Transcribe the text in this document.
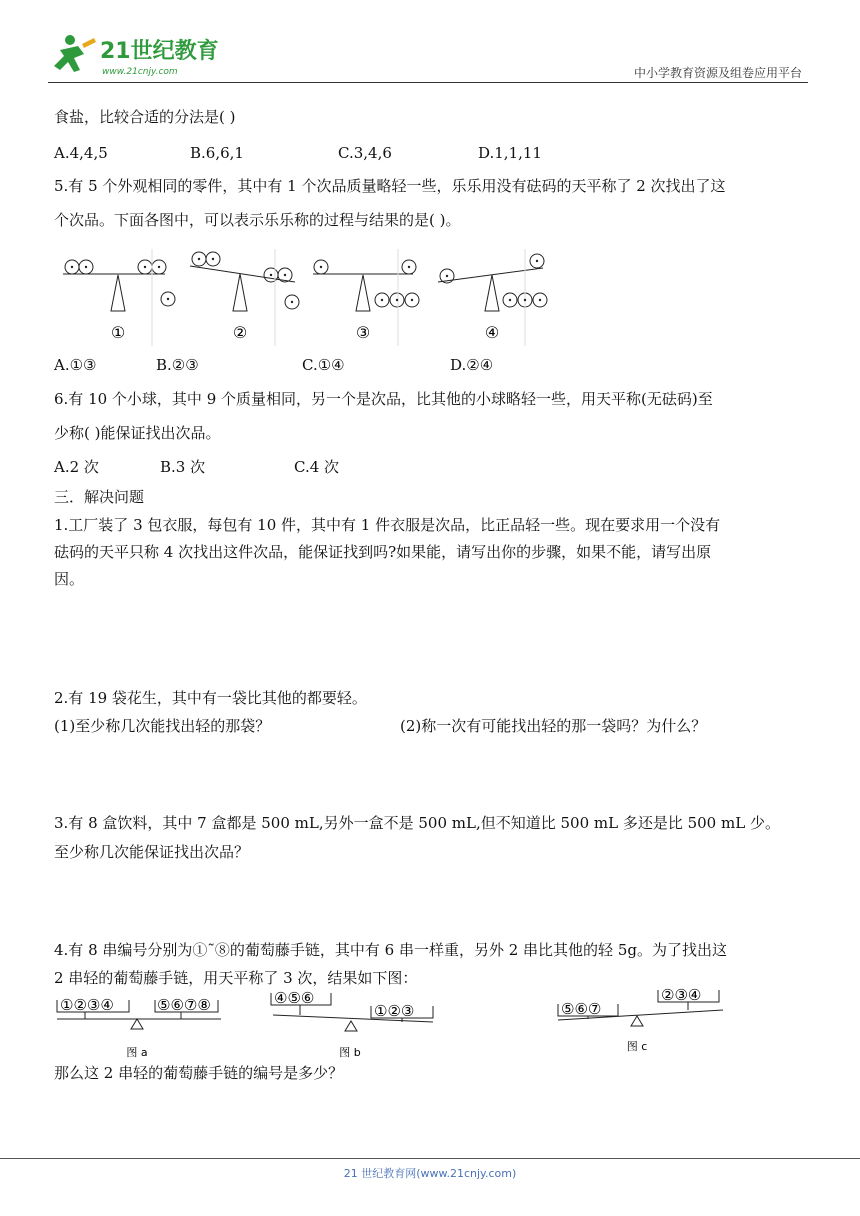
21世纪教育
www.21cnjy.com	中小学教育资源及组卷应用平台
食盐，比较合适的分法是( )
A.4,4,5	B.6,6,1	C.3,4,6	D.1,1,11
5.有 5 个外观相同的零件，其中有 1 个次品质量略轻一些，乐乐用没有砝码的天平称了 2 次找出了这
个次品。下面各图中，可以表示乐乐称的过程与结果的是( )。
①	②	③	④
A.①③	B.②③	C.①④	D.②④
6.有 10 个小球，其中 9 个质量相同，另一个是次品，比其他的小球略轻一些，用天平称(无砝码)至
少称( )能保证找出次品。
A.2 次	B.3 次	C.4 次
三．解决问题
1.工厂装了 3 包衣服，每包有 10 件，其中有 1 件衣服是次品，比正品轻一些。现在要求用一个没有
砝码的天平只称 4 次找出这件次品，能保证找到吗?如果能，请写出你的步骤，如果不能，请写出原
因。
2.有 19 袋花生，其中有一袋比其他的都要轻。
(1)至少称几次能找出轻的那袋？	(2)称一次有可能找出轻的那一袋吗？为什么？
3.有 8 盒饮料，其中 7 盒都是 500 mL,另外一盒不是 500 mL,但不知道比 500 mL 多还是比 500 mL 少。
至少称几次能保证找出次品？
4.有 8 串编号分别为①˜⑧的葡萄藤手链，其中有 6 串一样重，另外 2 串比其他的轻 5g。为了找出这
2 串轻的葡萄藤手链，用天平称了 3 次，结果如下图：
①②③④	⑤⑥⑦⑧
图 a
④⑤⑥
①②③
图 b
⑤⑥⑦
②③④
图 c
那么这 2 串轻的葡萄藤手链的编号是多少？
21 世纪教育网(www.21cnjy.com)
